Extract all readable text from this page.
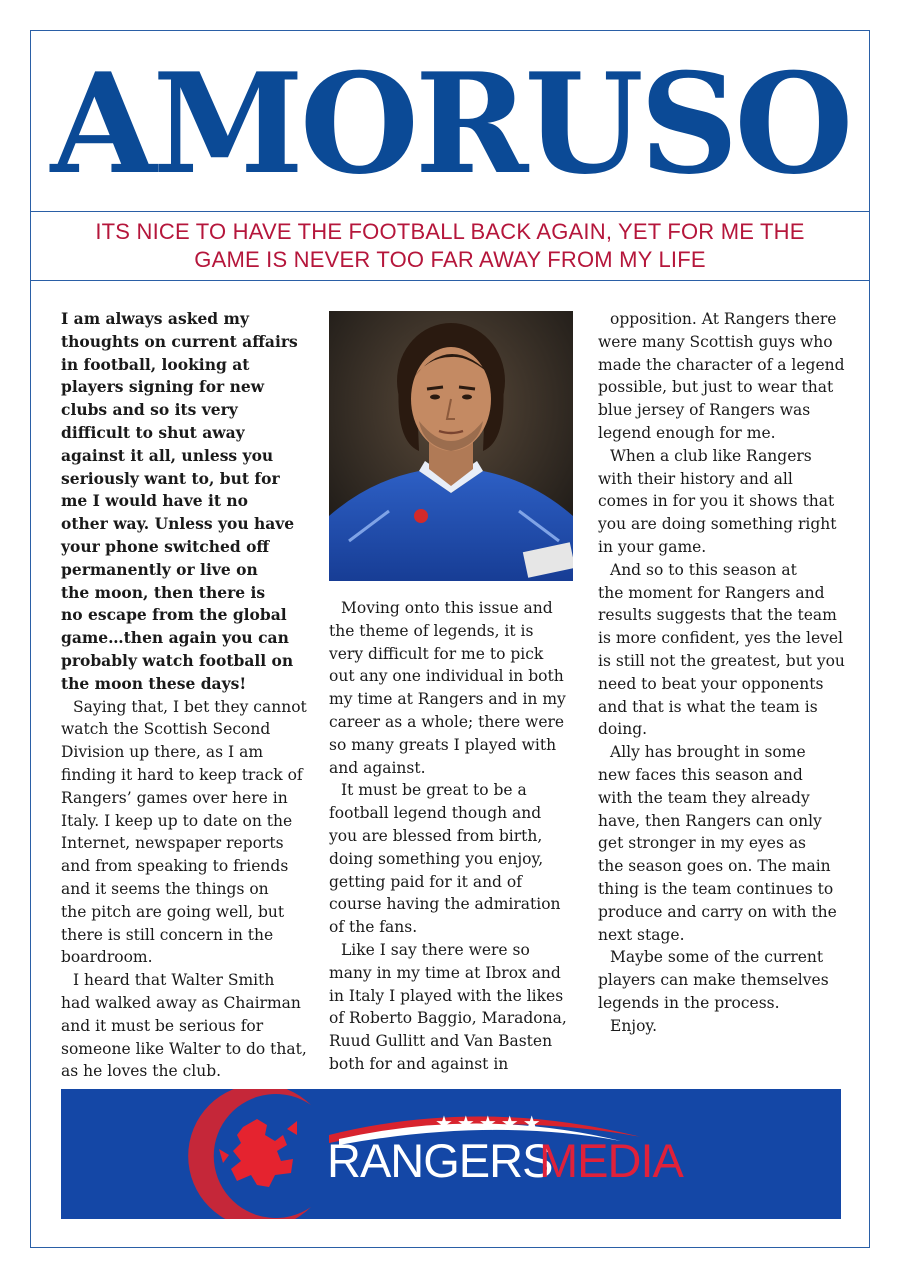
AMORUSO
ITS NICE TO HAVE THE FOOTBALL BACK AGAIN, YET FOR ME THE
GAME IS NEVER TOO FAR AWAY FROM MY LIFE

I am always asked my
thoughts on current affairs
in football, looking at
players signing for new
clubs and so its very
difficult to shut away
against it all, unless you
seriously want to, but for
me I would have it no
other way. Unless you have
your phone switched off
permanently or live on
the moon, then there is
no escape from the global
game…then again you can
probably watch football on
the moon these days!

Saying that, I bet they cannot
watch the Scottish Second
Division up there, as I am
finding it hard to keep track of
Rangers’ games over here in
Italy. I keep up to date on the
Internet, newspaper reports
and from speaking to friends
and it seems the things on
the pitch are going well, but
there is still concern in the
boardroom.

I heard that Walter Smith
had walked away as Chairman
and it must be serious for
someone like Walter to do that,
as he loves the club.

Moving onto this issue and
the theme of legends, it is
very difficult for me to pick
out any one individual in both
my time at Rangers and in my
career as a whole; there were
so many greats I played with
and against.

It must be great to be a
football legend though and
you are blessed from birth,
doing something you enjoy,
getting paid for it and of
course having the admiration
of the fans.

Like I say there were so
many in my time at Ibrox and
in Italy I played with the likes
of Roberto Baggio, Maradona,
Ruud Gullitt and Van Basten
both for and against in

opposition. At Rangers there
were many Scottish guys who
made the character of a legend
possible, but just to wear that
blue jersey of Rangers was
legend enough for me.

When a club like Rangers
with their history and all
comes in for you it shows that
you are doing something right
in your game.

And so to this season at
the moment for Rangers and
results suggests that the team
is more confident, yes the level
is still not the greatest, but you
need to beat your opponents
and that is what the team is
doing.

Ally has brought in some
new faces this season and
with the team they already
have, then Rangers can only
get stronger in my eyes as
the season goes on. The main
thing is the team continues to
produce and carry on with the
next stage.

Maybe some of the current
players can make themselves
legends in the process.

Enjoy.

★★★★★
RANGERS
MEDIA
